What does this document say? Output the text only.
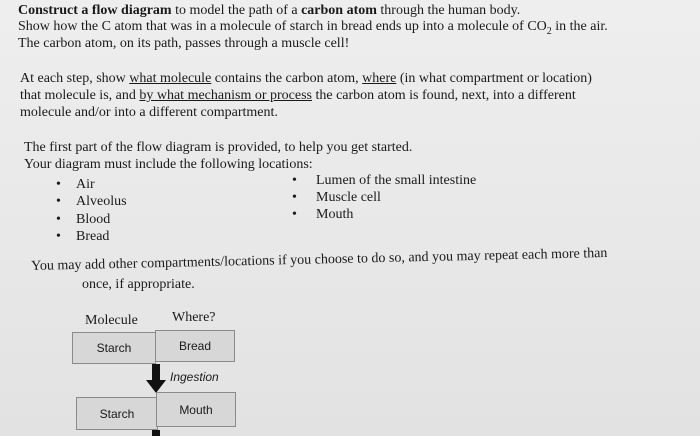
Construct a flow diagram to model the path of a carbon atom through the human body.
Show how the C atom that was in a molecule of starch in bread ends up into a molecule of $CO_2$ in the air.
The carbon atom, on its path, passes through a muscle cell!
At each step, show what molecule contains the carbon atom, where (in what compartment or location)
that molecule is, and by what mechanism or process the carbon atom is found, next, into a different
molecule and/or into a different compartment.
The first part of the flow diagram is provided, to help you get started.
Your diagram must include the following locations:
• Air
• Alveolus
• Blood
• Bread
• Lumen of the small intestine
• Muscle cell
• Mouth
You may add other compartments/locations if you choose to do so, and you may repeat each more than
once, if appropriate.
Molecule Where?
Starch	Bread
Ingestion
Starch	Mouth
